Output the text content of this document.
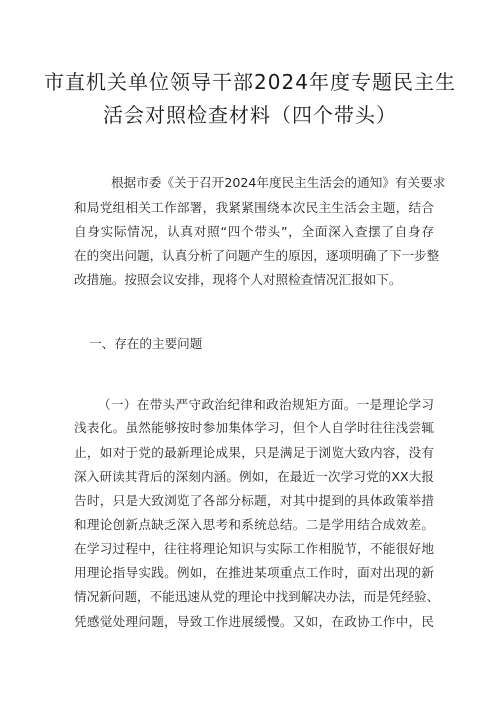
市直机关单位领导干部2024年度专题民主生
活会对照检查材料（四个带头）
根据市委《关于召开2024年度民主生活会的通知》有关要求
和局党组相关工作部署，我紧紧围绕本次民主生活会主题，结合
自身实际情况，认真对照“四个带头”，全面深入查摆了自身存
在的突出问题，认真分析了问题产生的原因，逐项明确了下一步整
改措施。按照会议安排，现将个人对照检查情况汇报如下。
一、存在的主要问题
（一）在带头严守政治纪律和政治规矩方面。一是理论学习
浅表化。虽然能够按时参加集体学习，但个人自学时往往浅尝辄
止，如对于党的最新理论成果，只是满足于浏览大致内容，没有
深入研读其背后的深刻内涵。例如，在最近一次学习党的XX大报
告时，只是大致浏览了各部分标题，对其中提到的具体政策举措
和理论创新点缺乏深入思考和系统总结。二是学用结合成效差。
在学习过程中，往往将理论知识与实际工作相脱节，不能很好地
用理论指导实践。例如，在推进某项重点工作时，面对出现的新
情况新问题，不能迅速从党的理论中找到解决办法，而是凭经验、
凭感觉处理问题，导致工作进展缓慢。又如，在政协工作中，民
